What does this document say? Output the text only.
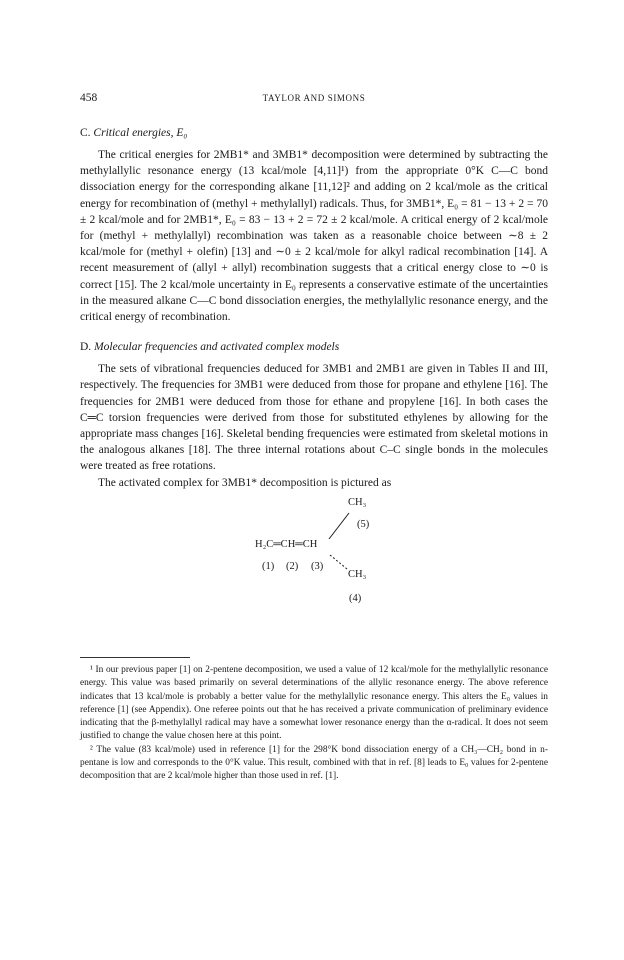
458	TAYLOR AND SIMONS
C. Critical energies, E₀

The critical energies for 2MB1* and 3MB1* decomposition were determined by subtracting the methylallylic resonance energy (13 kcal/mole [4,11]¹) from the appropriate 0°K C—C bond dissociation energy for the corresponding alkane [11,12]² and adding on 2 kcal/mole as the critical energy for recombination of (methyl + methylallyl) radicals. Thus, for 3MB1*, E₀ = 81 − 13 + 2 = 70 ± 2 kcal/mole and for 2MB1*, E₀ = 83 − 13 + 2 = 72 ± 2 kcal/mole. A critical energy of 2 kcal/mole for (methyl + methylallyl) recombination was taken as a reasonable choice between ∼8 ± 2 kcal/mole for (methyl + olefin) [13] and ∼0 ± 2 kcal/mole for alkyl radical recombination [14]. A recent measurement of (allyl + allyl) recombination suggests that a critical energy close to ∼0 is correct [15]. The 2 kcal/mole uncertainty in E₀ represents a conservative estimate of the uncertainties in the measured alkane C—C bond dissociation energies, the methylallylic resonance energy, and the critical energy of recombination.

D. Molecular frequencies and activated complex models

The sets of vibrational frequencies deduced for 3MB1 and 2MB1 are given in Tables II and III, respectively. The frequencies for 3MB1 were deduced from those for propane and ethylene [16]. The frequencies for 2MB1 were deduced from those for ethane and propylene [16]. In both cases the C═C torsion frequencies were derived from those for substituted ethylenes by allowing for the appropriate mass changes [16]. Skeletal bending frequencies were estimated from skeletal motions in the analogous alkanes [18]. The three internal rotations about C–C single bonds in the molecules were treated as free rotations.

The activated complex for 3MB1* decomposition is pictured as

CH₃
(5)
H₂C═CH═CH
(1) (2) (3)
CH₃
(4)

¹ In our previous paper [1] on 2-pentene decomposition, we used a value of 12 kcal/mole for the methylallylic resonance energy. This value was based primarily on several determinations of the allylic resonance energy. The above reference indicates that 13 kcal/mole is probably a better value for the methylallylic resonance energy. This alters the E₀ values in reference [1] (see Appendix). One referee points out that he has received a private communication of preliminary evidence indicating that the β-methylallyl radical may have a somewhat lower resonance energy than the α-radical. It does not seem justified to change the value chosen here at this point.

² The value (83 kcal/mole) used in reference [1] for the 298°K bond dissociation energy of a CH₃—CH₂ bond in n-pentane is low and corresponds to the 0°K value. This result, combined with that in ref. [8] leads to E₀ values for 2-pentene decomposition that are 2 kcal/mole higher than those used in ref. [1].
